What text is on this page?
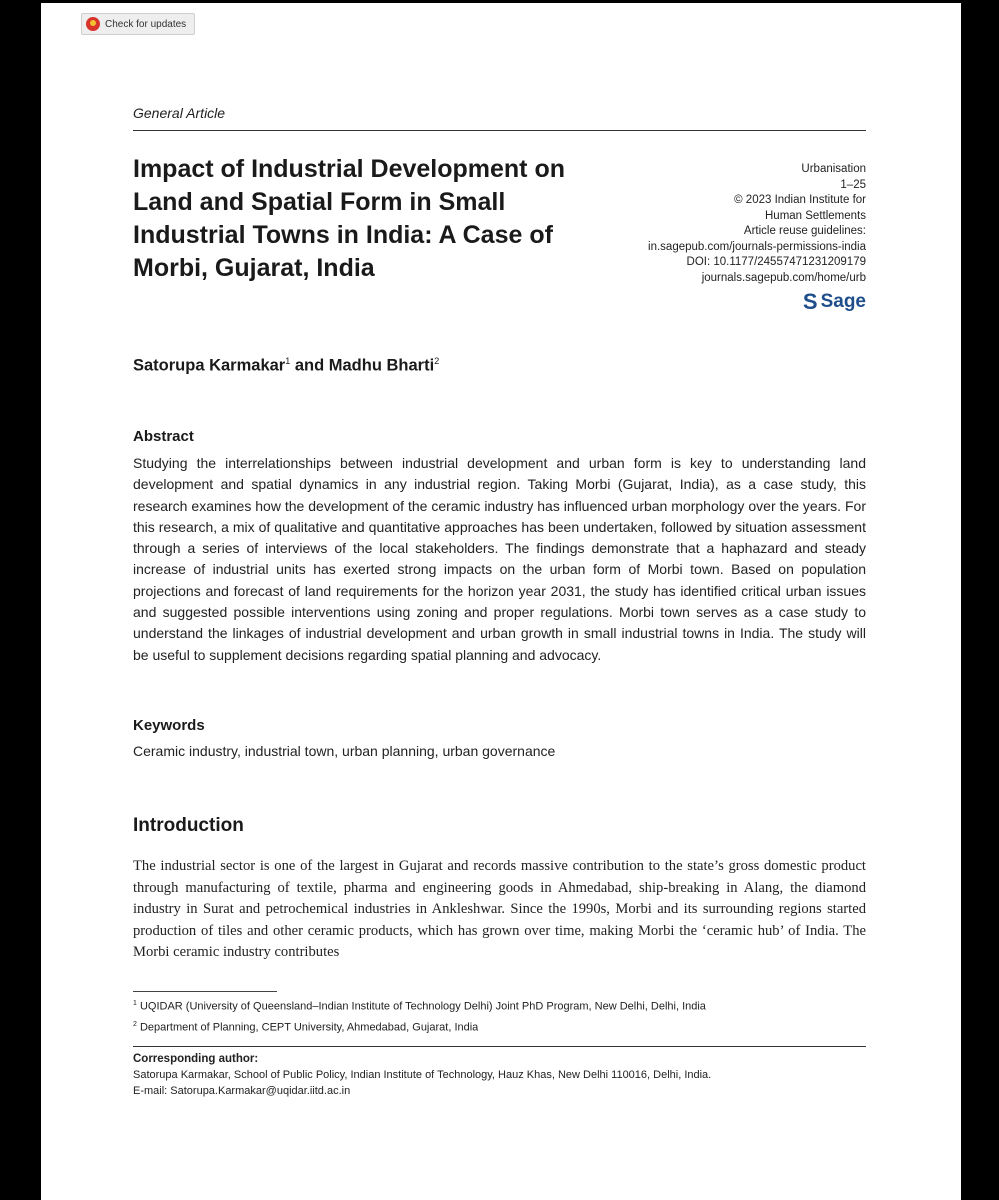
Check for updates
General Article
Impact of Industrial Development on Land and Spatial Form in Small Industrial Towns in India: A Case of Morbi, Gujarat, India
Urbanisation
1–25
© 2023 Indian Institute for
Human Settlements
Article reuse guidelines:
in.sagepub.com/journals-permissions-india
DOI: 10.1177/24557471231209179
journals.sagepub.com/home/urb
S Sage
Satorupa Karmakar$^1$ and Madhu Bharti$^2$
Abstract

Studying the interrelationships between industrial development and urban form is key to understanding land development and spatial dynamics in any industrial region. Taking Morbi (Gujarat, India), as a case study, this research examines how the development of the ceramic industry has influenced urban morphology over the years. For this research, a mix of qualitative and quantitative approaches has been undertaken, followed by situation assessment through a series of interviews of the local stakeholders. The findings demonstrate that a haphazard and steady increase of industrial units has exerted strong impacts on the urban form of Morbi town. Based on population projections and forecast of land requirements for the horizon year 2031, the study has identified critical urban issues and suggested possible interventions using zoning and proper regulations. Morbi town serves as a case study to understand the linkages of industrial development and urban growth in small industrial towns in India. The study will be useful to supplement decisions regarding spatial planning and advocacy.

Keywords

Ceramic industry, industrial town, urban planning, urban governance

Introduction

The industrial sector is one of the largest in Gujarat and records massive contribution to the state’s gross domestic product through manufacturing of textile, pharma and engineering goods in Ahmedabad, ship-breaking in Alang, the diamond industry in Surat and petrochemical industries in Ankleshwar. Since the 1990s, Morbi and its surrounding regions started production of tiles and other ceramic products, which has grown over time, making Morbi the ‘ceramic hub’ of India. The Morbi ceramic industry contributes

$^1$ UQIDAR (University of Queensland–Indian Institute of Technology Delhi) Joint PhD Program, New Delhi, Delhi, India
$^2$ Department of Planning, CEPT University, Ahmedabad, Gujarat, India
Corresponding author:
Satorupa Karmakar, School of Public Policy, Indian Institute of Technology, Hauz Khas, New Delhi 110016, Delhi, India.
E-mail: Satorupa.Karmakar@uqidar.iitd.ac.in
